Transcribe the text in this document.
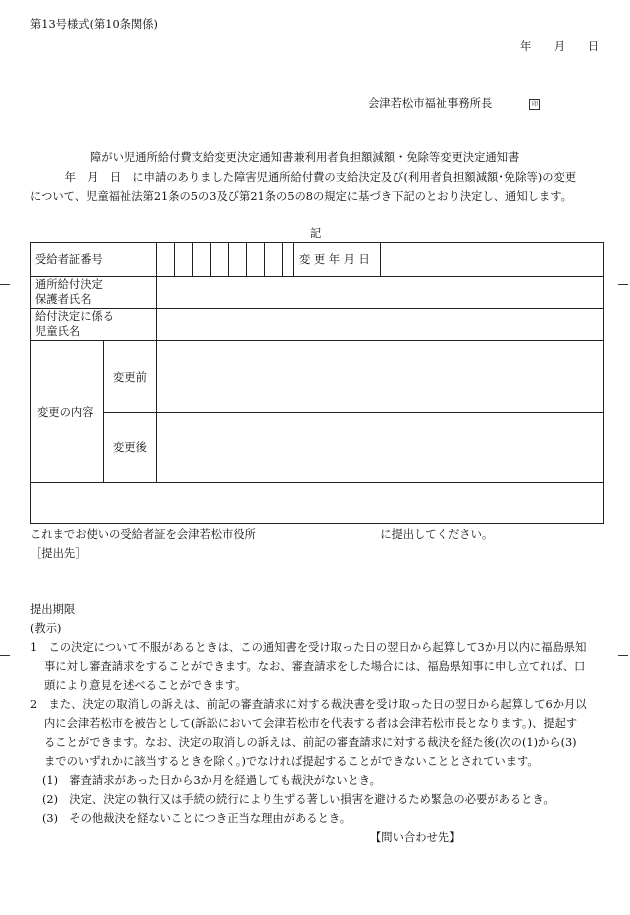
第13号様式(第10条関係)
年　　月　　日
会津若松市福祉事務所長	印
障がい児通所給付費支給変更決定通知書兼利用者負担額減額・免除等変更決定通知書
　　年　月　日　に申請のありました障害児通所給付費の支給決定及び(利用者負担額減額･免除等)の変更
について、児童福祉法第21条の5の3及び第21条の5の8の規定に基づき下記のとおり決定し、通知します。
記
受給者証番号	変 更 年 月 日
通所給付決定
保護者氏名
給付決定に係る
児童氏名
変更の内容
変更前
変更後
これまでお使いの受給者証を会津若松市役所　　　　　　　　　　　に提出してください。
［提出先］
提出期限
(教示)
1　この決定について不服があるときは、この通知書を受け取った日の翌日から起算して3か月以内に福島県知
事に対し審査請求をすることができます。なお、審査請求をした場合には、福島県知事に申し立てれば、口
頭により意見を述べることができます。
2　また、決定の取消しの訴えは、前記の審査請求に対する裁決書を受け取った日の翌日から起算して6か月以
内に会津若松市を被告として(訴訟において会津若松市を代表する者は会津若松市長となります。)、提起す
ることができます。なお、決定の取消しの訴えは、前記の審査請求に対する裁決を経た後(次の(1)から(3)
までのいずれかに該当するときを除く。)でなければ提起することができないこととされています。
(1)　審査請求があった日から3か月を経過しても裁決がないとき。
(2)　決定、決定の執行又は手続の続行により生ずる著しい損害を避けるため緊急の必要があるとき。
(3)　その他裁決を経ないことにつき正当な理由があるとき。
【問い合わせ先】
